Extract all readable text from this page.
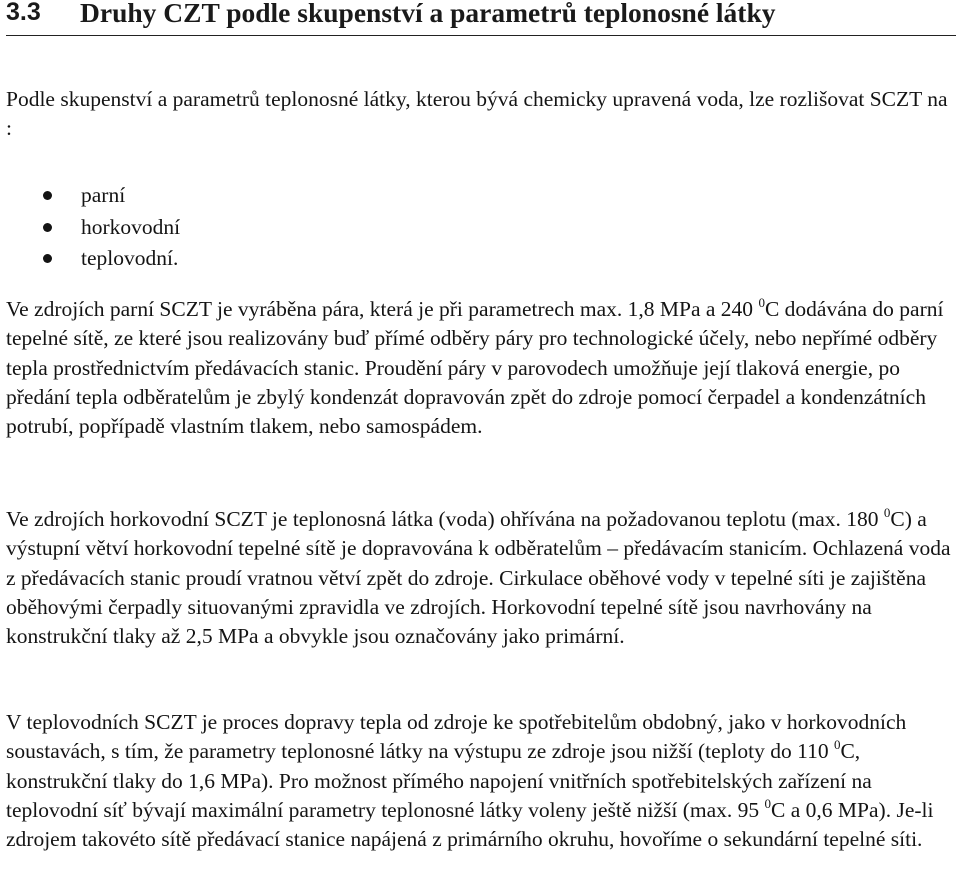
3.3 Druhy CZT podle skupenství a parametrů teplonosné látky

Podle skupenství a parametrů teplonosné látky, kterou bývá chemicky upravená voda, lze rozlišovat SCZT na :

parní
horkovodní
teplovodní.

Ve zdrojích parní SCZT je vyráběna pára, která je při parametrech max. 1,8 MPa a 240 $^0$C dodávána do parní tepelné sítě, ze které jsou realizovány buď přímé odběry páry pro technologické účely, nebo nepřímé odběry tepla prostřednictvím předávacích stanic. Proudění páry v parovodech umožňuje její tlaková energie, po předání tepla odběratelům je zbylý kondenzát dopravován zpět do zdroje pomocí čerpadel a kondenzátních potrubí, popřípadě vlastním tlakem, nebo samospádem.

Ve zdrojích horkovodní SCZT je teplonosná látka (voda) ohřívána na požadovanou teplotu (max. 180 $^0$C) a výstupní větví horkovodní tepelné sítě je dopravována k odběratelům – předávacím stanicím. Ochlazená voda z předávacích stanic proudí vratnou větví zpět do zdroje. Cirkulace oběhové vody v tepelné síti je zajištěna oběhovými čerpadly situovanými zpravidla ve zdrojích. Horkovodní tepelné sítě jsou navrhovány na konstrukční tlaky až 2,5 MPa a obvykle jsou označovány jako primární.

V teplovodních SCZT je proces dopravy tepla od zdroje ke spotřebitelům obdobný, jako v horkovodních soustavách, s tím, že parametry teplonosné látky na výstupu ze zdroje jsou nižší (teploty do 110 $^0$C, konstrukční tlaky do 1,6 MPa). Pro možnost přímého napojení vnitřních spotřebitelských zařízení na teplovodní síť bývají maximální parametry teplonosné látky voleny ještě nižší (max. 95 $^0$C a 0,6 MPa). Je-li zdrojem takovéto sítě předávací stanice napájená z primárního okruhu, hovoříme o sekundární tepelné síti.
